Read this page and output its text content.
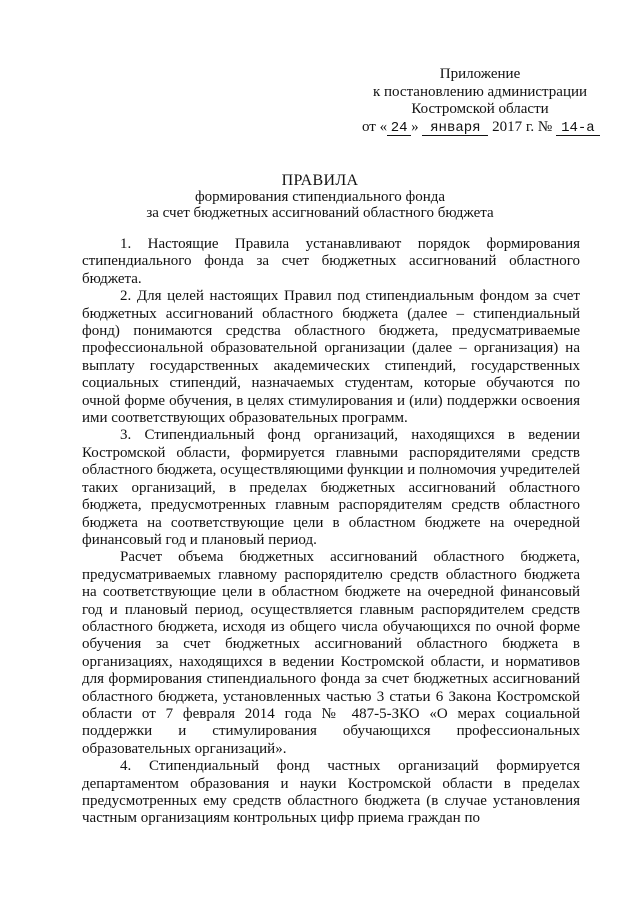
Приложение
к постановлению администрации
Костромской области
от « 24 » января 2017 г. № 14-а
ПРАВИЛА
формирования стипендиального фонда
за счет бюджетных ассигнований областного бюджета

1. Настоящие Правила устанавливают порядок формирования стипендиального фонда за счет бюджетных ассигнований областного бюджета.

2. Для целей настоящих Правил под стипендиальным фондом за счет бюджетных ассигнований областного бюджета (далее – стипендиальный фонд) понимаются средства областного бюджета, предусматриваемые профессиональной образовательной организации (далее – организация) на выплату государственных академических стипендий, государственных социальных стипендий, назначаемых студентам, которые обучаются по очной форме обучения, в целях стимулирования и (или) поддержки освоения ими соответствующих образовательных программ.

3. Стипендиальный фонд организаций, находящихся в ведении Костромской области, формируется главными распорядителями средств областного бюджета, осуществляющими функции и полномочия учредителей таких организаций, в пределах бюджетных ассигнований областного бюджета, предусмотренных главным распорядителям средств областного бюджета на соответствующие цели в областном бюджете на очередной финансовый год и плановый период.

Расчет объема бюджетных ассигнований областного бюджета, предусматриваемых главному распорядителю средств областного бюджета на соответствующие цели в областном бюджете на очередной финансовый год и плановый период, осуществляется главным распорядителем средств областного бюджета, исходя из общего числа обучающихся по очной форме обучения за счет бюджетных ассигнований областного бюджета в организациях, находящихся в ведении Костромской области, и нормативов для формирования стипендиального фонда за счет бюджетных ассигнований областного бюджета, установленных частью 3 статьи 6 Закона Костромской области от 7 февраля 2014 года № 487-5-ЗКО «О мерах социальной поддержки и стимулирования обучающихся профессиональных образовательных организаций».

4. Стипендиальный фонд частных организаций формируется департаментом образования и науки Костромской области в пределах предусмотренных ему средств областного бюджета (в случае установления частным организациям контрольных цифр приема граждан по
